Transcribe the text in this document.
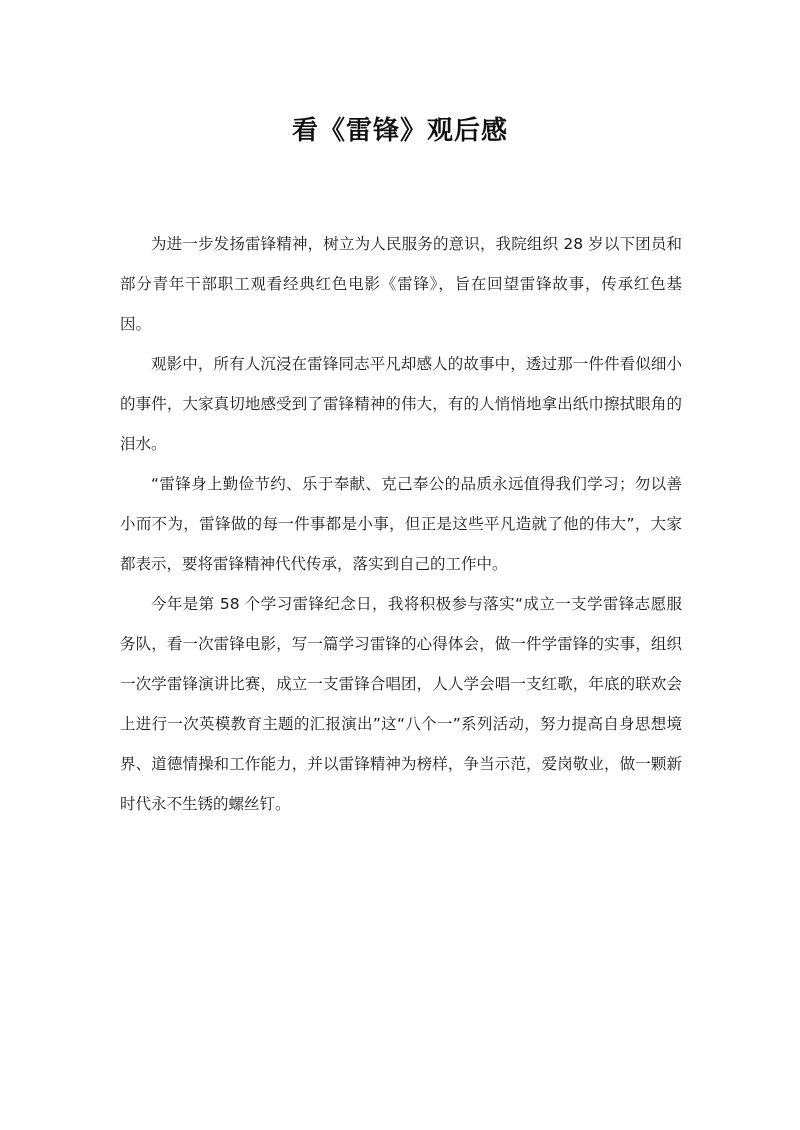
看《雷锋》观后感

为进一步发扬雷锋精神，树立为人民服务的意识，我院组织 28 岁以下团员和部分青年干部职工观看经典红色电影《雷锋》，旨在回望雷锋故事，传承红色基因。

观影中，所有人沉浸在雷锋同志平凡却感人的故事中，透过那一件件看似细小的事件，大家真切地感受到了雷锋精神的伟大，有的人悄悄地拿出纸巾擦拭眼角的泪水。

“雷锋身上勤俭节约、乐于奉献、克己奉公的品质永远值得我们学习；勿以善小而不为，雷锋做的每一件事都是小事，但正是这些平凡造就了他的伟大”，大家都表示，要将雷锋精神代代传承，落实到自己的工作中。

今年是第 58 个学习雷锋纪念日，我将积极参与落实“成立一支学雷锋志愿服务队，看一次雷锋电影，写一篇学习雷锋的心得体会，做一件学雷锋的实事，组织一次学雷锋演讲比赛，成立一支雷锋合唱团，人人学会唱一支红歌，年底的联欢会上进行一次英模教育主题的汇报演出”这“八个一”系列活动，努力提高自身思想境界、道德情操和工作能力，并以雷锋精神为榜样，争当示范，爱岗敬业，做一颗新时代永不生锈的螺丝钉。
